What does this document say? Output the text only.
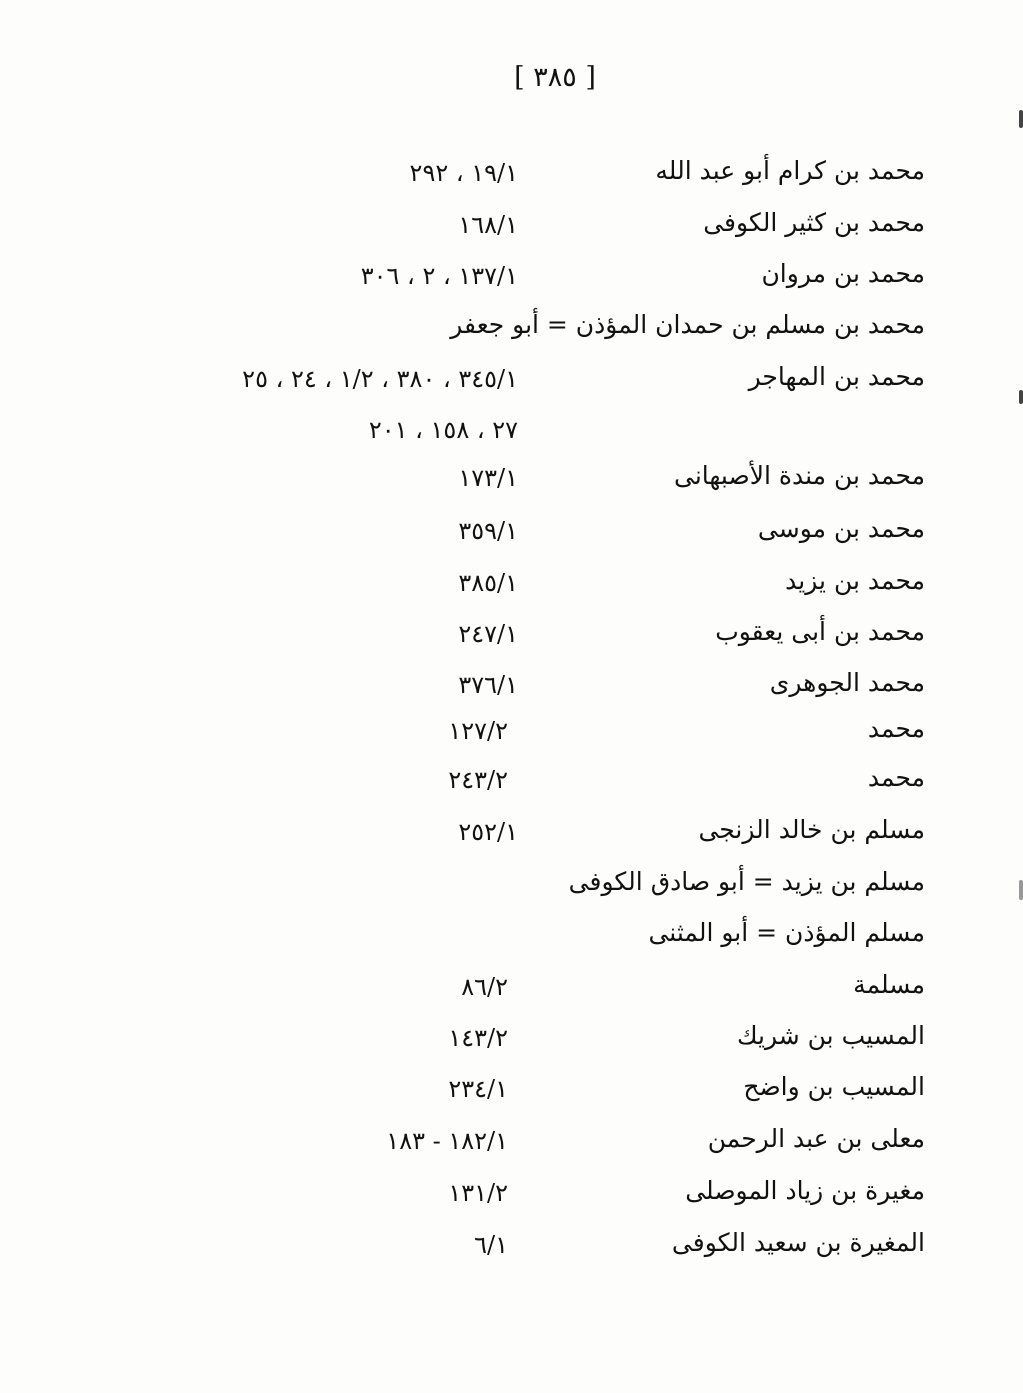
[ ٣٨٥ ]
محمد بن كرام أبو عبد الله
١٩/١ ، ٢٩٢
محمد بن كثير الكوفى
١٦٨/١
محمد بن مروان
١٣٧/١ ، ٢ ، ٣٠٦
محمد بن مسلم بن حمدان المؤذن = أبو جعفر
محمد بن المهاجر
٣٤٥/١ ، ٣٨٠ ، ١/٢ ، ٢٤ ، ٢٥
٢٧ ، ١٥٨ ، ٢٠١
محمد بن مندة الأصبهانى
١٧٣/١
محمد بن موسى
٣٥٩/١
محمد بن يزيد
٣٨٥/١
محمد بن أبى يعقوب
٢٤٧/١
محمد الجوهرى
٣٧٦/١
محمد
١٢٧/٢
محمد
٢٤٣/٢
مسلم بن خالد الزنجى
٢٥٢/١
مسلم بن يزيد = أبو صادق الكوفى
مسلم المؤذن = أبو المثنى
مسلمة
٨٦/٢
المسيب بن شريك
١٤٣/٢
المسيب بن واضح
٢٣٤/١
معلى بن عبد الرحمن
١٨٢/١ - ١٨٣
مغيرة بن زياد الموصلى
١٣١/٢
المغيرة بن سعيد الكوفى
٦/١
